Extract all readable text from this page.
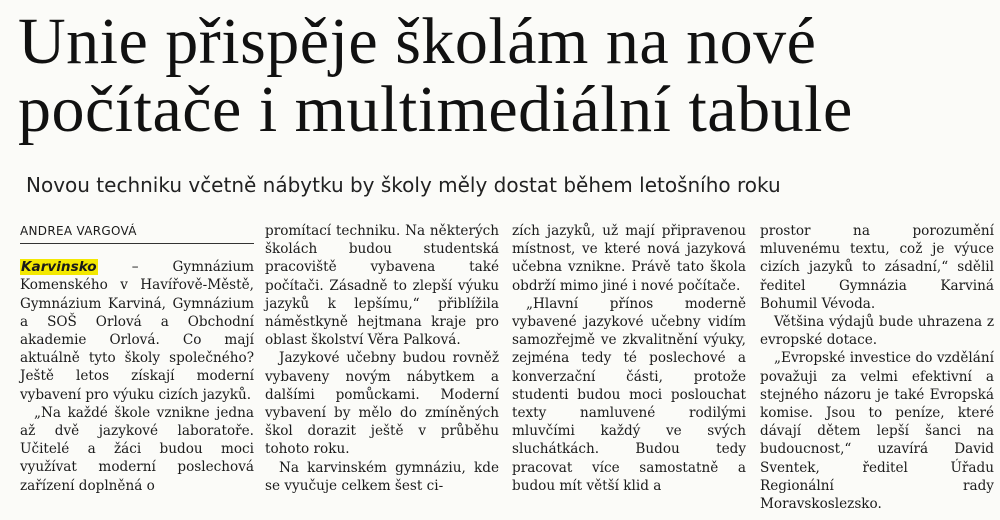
Unie přispěje školám na nové počítače i multimediální tabule

Novou techniku včetně nábytku by školy měly dostat během letošního roku

ANDREA VARGOVÁ

Karvinsko	– Gymnázium Komenského v Havířově-Městě, Gymnázium Karviná, Gymnázium a SOŠ Orlová a Obchodní akademie Orlová. Co mají aktuálně tyto školy společného? Ještě letos získají moderní vybavení pro výuku cizích jazyků.

„Na každé škole vznikne jedna až dvě jazykové laboratoře. Učitelé a žáci budou moci využívat moderní poslechová zařízení doplněná o

promítací techniku. Na některých školách budou studentská pracoviště vybavena také počítači. Zásadně to zlepší výuku jazyků k lepšímu,“ přiblížila náměstkyně hejtmana kraje pro oblast školství Věra Palková.

Jazykové učebny budou rovněž vybaveny novým nábytkem a dalšími pomůckami. Moderní vybavení by mělo do zmíněných škol dorazit ještě v průběhu tohoto roku.

Na karvinském gymnáziu, kde se vyučuje celkem šest ci-

zích jazyků, už mají připravenou místnost, ve které nová jazyková učebna vznikne. Právě tato škola obdrží mimo jiné i nové počítače.

„Hlavní přínos moderně vybavené jazykové učebny vidím samozřejmě ve zkvalitnění výuky, zejména tedy té poslechové a konverzační části, protože studenti budou moci poslouchat texty namluvené rodilými mluvčími každý ve svých sluchátkách. Budou tedy pracovat více samostatně a budou mít větší klid a

prostor na porozumění mluvenému textu, což je výuce cizích jazyků to zásadní,“ sdělil ředitel Gymnázia Karviná Bohumil Vévoda.

Většina výdajů bude uhrazena z evropské dotace.

„Evropské investice do vzdělání považuji za velmi efektivní a stejného názoru je také Evropská komise. Jsou to peníze, které dávají dětem lepší šanci na budoucnost,“ uzavírá David Sventek, ředitel Úřadu Regionální rady Moravskoslezsko.
